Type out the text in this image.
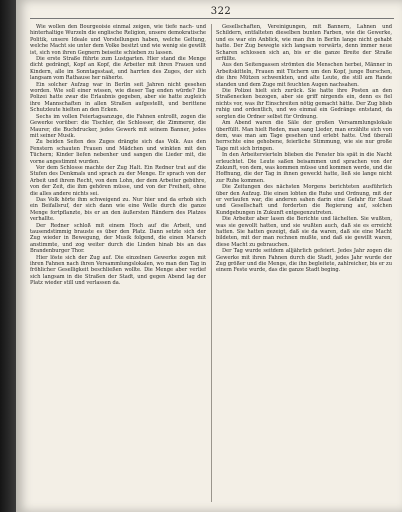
322

Wie wollen den Bourgeoisie einmal zeigen, wie tiefe nach- und hinterhaltige Wurzeln die englische Religion, unsere demokratische Politik, unsere Ideale und Vorstellungen haben, welche Geltung, welche Macht sie unter dem Volke besitzt und wie wenig sie gewillt ist, sich von ihren Gegnern beiseite schieben zu lassen.

Die erste Straße führte zum Lustgarten. Hier stand die Menge dicht gedrängt, Kopf an Kopf, die Arbeiter mit ihren Frauen und Kindern, alle im Sonntagsstaat, und harrten des Zuges, der sich langsam vom Rathause her näherte.

Ein solcher Aufzug war in Berlin seit Jahren nicht gesehen worden. Wie soll einer wissen, wie dieser Tag enden würde? Die Polizei hatte zwar die Erlaubnis gegeben, aber sie hatte zugleich ihre Mannschaften in allen Straßen aufgestellt, und berittene Schutzleute hielten an den Ecken.

Sechs im vollen Feiertagsanzuge, die Fahnen entrollt, zogen die Gewerke vorüber: die Tischler, die Schlosser, die Zimmerer, die Maurer, die Buchdrucker, jedes Gewerk mit seinem Banner, jedes mit seiner Musik.

Zu beiden Seiten des Zuges drängte sich das Volk. Aus den Fenstern schauten Frauen und Mädchen und winkten mit den Tüchern; Kinder liefen nebenher und sangen die Lieder mit, die vorne angestimmt wurden.

Vor dem Schlosse machte der Zug Halt. Ein Redner trat auf die Stufen des Denkmals und sprach zu der Menge. Er sprach von der Arbeit und ihrem Recht, von dem Lohn, der dem Arbeiter gebühre, von der Zeit, die ihm gehören müsse, und von der Freiheit, ohne die alles andere nichts sei.

Das Volk hörte ihm schweigend zu. Nur hier und da erhob sich ein Beifallsruf, der sich dann wie eine Welle durch die ganze Menge fortpflanzte, bis er an den äußersten Rändern des Platzes verhallte.

Der Redner schloß mit einem Hoch auf die Arbeit, und tausendstimmig brauste es über den Platz. Dann setzte sich der Zug wieder in Bewegung, der Musik folgend, die einen Marsch anstimmte, und zog weiter durch die Linden hinab bis an das Brandenburger Thor.

Hier löste sich der Zug auf. Die einzelnen Gewerke zogen mit ihren Fahnen nach ihren Versammlungslokalen, wo man den Tag in fröhlicher Geselligkeit beschließen wollte. Die Menge aber verlief sich langsam in die Straßen der Stadt, und gegen Abend lag der Platz wieder still und verlassen da.

Gesellschaften, Vereinigungen, mit Bannern, Lahnen und Schildern, entfalteten dieselben bunten Farben, wie die Gewerke, und es war ein Anblick, wie man ihn in Berlin lange nicht gehabt hatte. Der Zug bewegte sich langsam vorwärts, denn immer neue Scharen schlossen sich an, bis er die ganze Breite der Straße erfüllte.

Aus den Seitengassen strömten die Menschen herbei, Männer in Arbeitskitteln, Frauen mit Tüchern um den Kopf, junge Burschen, die ihre Mützen schwenkten, und alte Leute, die still am Rande standen und dem Zuge mit feuchten Augen nachsahen.

Die Polizei hielt sich zurück. Sie hatte ihre Posten an den Straßenecken bezogen, aber sie griff nirgends ein, denn es fiel nichts vor, was ihr Einschreiten nötig gemacht hätte. Der Zug blieb ruhig und ordentlich, und wo einmal ein Gedränge entstand, da sorgten die Ordner selbst für Ordnung.

Am Abend waren die Säle der großen Versammlungslokale überfüllt. Man hielt Reden, man sang Lieder, man erzählte sich von dem, was man am Tage gesehen und erlebt hatte. Und überall herrschte eine gehobene, feierliche Stimmung, wie sie nur große Tage mit sich bringen.

In den Arbeitervierteln blieben die Fenster bis spät in die Nacht erleuchtet. Die Leute saßen beisammen und sprachen von der Zukunft, von dem, was kommen müsse und kommen werde, und die Hoffnung, die der Tag in ihnen geweckt hatte, ließ sie lange nicht zur Ruhe kommen.

Die Zeitungen des nächsten Morgens berichteten ausführlich über den Aufzug. Die einen lobten die Ruhe und Ordnung, mit der er verlaufen war, die anderen sahen darin eine Gefahr für Staat und Gesellschaft und forderten die Regierung auf, solchen Kundgebungen in Zukunft entgegenzutreten.

Die Arbeiter aber lasen die Berichte und lächelten. Sie wußten, was sie gewollt hatten, und sie wußten auch, daß sie es erreicht hatten. Sie hatten gezeigt, daß sie da waren, daß sie eine Macht bildeten, mit der man rechnen mußte, und daß sie gewillt waren, diese Macht zu gebrauchen.

Der Tag wurde seitdem alljährlich gefeiert. Jedes Jahr zogen die Gewerke mit ihren Fahnen durch die Stadt, jedes Jahr wurde der Zug größer und die Menge, die ihn begleitete, zahlreicher, bis er zu einem Feste wurde, das die ganze Stadt beging.
